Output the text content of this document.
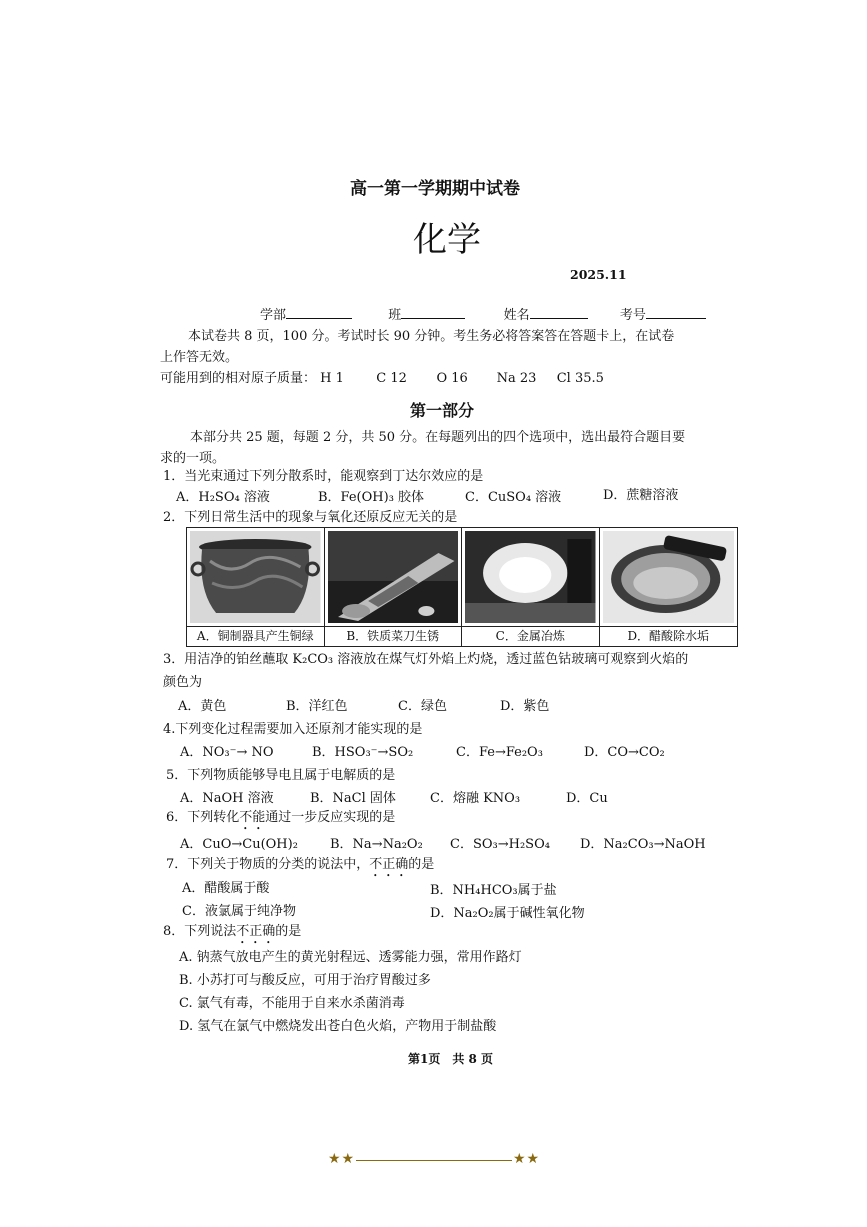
高一第一学期期中试卷
化学
2025.11
学部	班	姓名	考号
本试卷共 8 页，100 分。考试时长 90 分钟。考生务必将答案答在答题卡上，在试卷
上作答无效。
可能用到的相对原子质量： H 1 C 12 O 16 Na 23 Cl 35.5
第一部分
本部分共 25 题，每题 2 分，共 50 分。在每题列出的四个选项中，选出最符合题目要
求的一项。
1．当光束通过下列分散系时，能观察到丁达尔效应的是
A．H₂SO₄ 溶液	B．Fe(OH)₃ 胶体	C．CuSO₄ 溶液	D．蔗糖溶液
2．下列日常生活中的现象与氧化还原反应无关的是
A．铜制器具产生铜绿	B．铁质菜刀生锈	C．金属冶炼	D．醋酸除水垢
3．用洁净的铂丝蘸取 K₂CO₃ 溶液放在煤气灯外焰上灼烧，透过蓝色钴玻璃可观察到火焰的
颜色为
A．黄色	B．洋红色	C．绿色	D．紫色
4.下列变化过程需要加入还原剂才能实现的是
A．NO₃⁻→ NO	B．HSO₃⁻→SO₂	C．Fe→Fe₂O₃	D．CO→CO₂
5．下列物质能够导电且属于电解质的是
A．NaOH 溶液	B．NaCl 固体	C．熔融 KNO₃	D．Cu
6．下列转化不能通过一步反应实现的是
A．CuO→Cu(OH)₂ B．Na→Na₂O₂ C．SO₃→H₂SO₄ D．Na₂CO₃→NaOH
7．下列关于物质的分类的说法中，不正确的是
A．醋酸属于酸	B．NH₄HCO₃属于盐
C．液氯属于纯净物	D．Na₂O₂属于碱性氧化物
8．下列说法不正确的是
A. 钠蒸气放电产生的黄光射程远、透雾能力强，常用作路灯
B. 小苏打可与酸反应，可用于治疗胃酸过多
C. 氯气有毒，不能用于自来水杀菌消毒
D. 氢气在氯气中燃烧发出苍白色火焰，产物用于制盐酸
第1页　共 8 页
★★	★★
